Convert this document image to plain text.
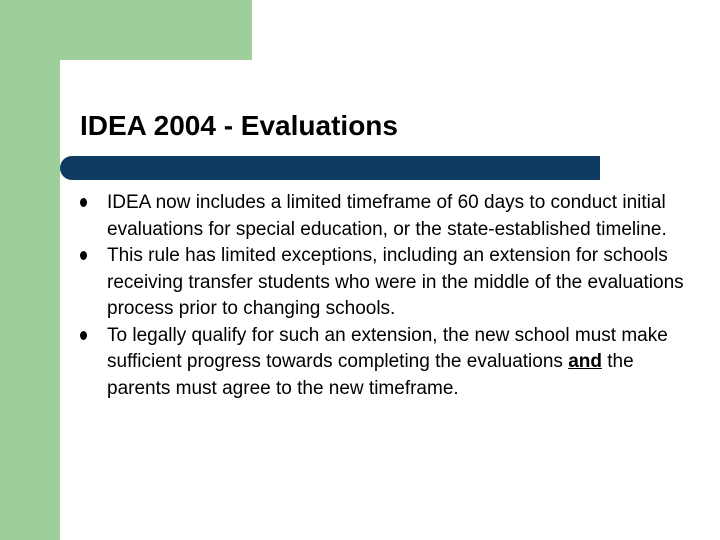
IDEA 2004 - Evaluations
IDEA now includes a limited timeframe of 60 days to conduct initial evaluations for special education, or the state-established timeline.
This rule has limited exceptions, including an extension for schools receiving transfer students who were in the middle of the evaluations process prior to changing schools.
To legally qualify for such an extension, the new school must make sufficient progress towards completing the evaluations and the parents must agree to the new timeframe.
